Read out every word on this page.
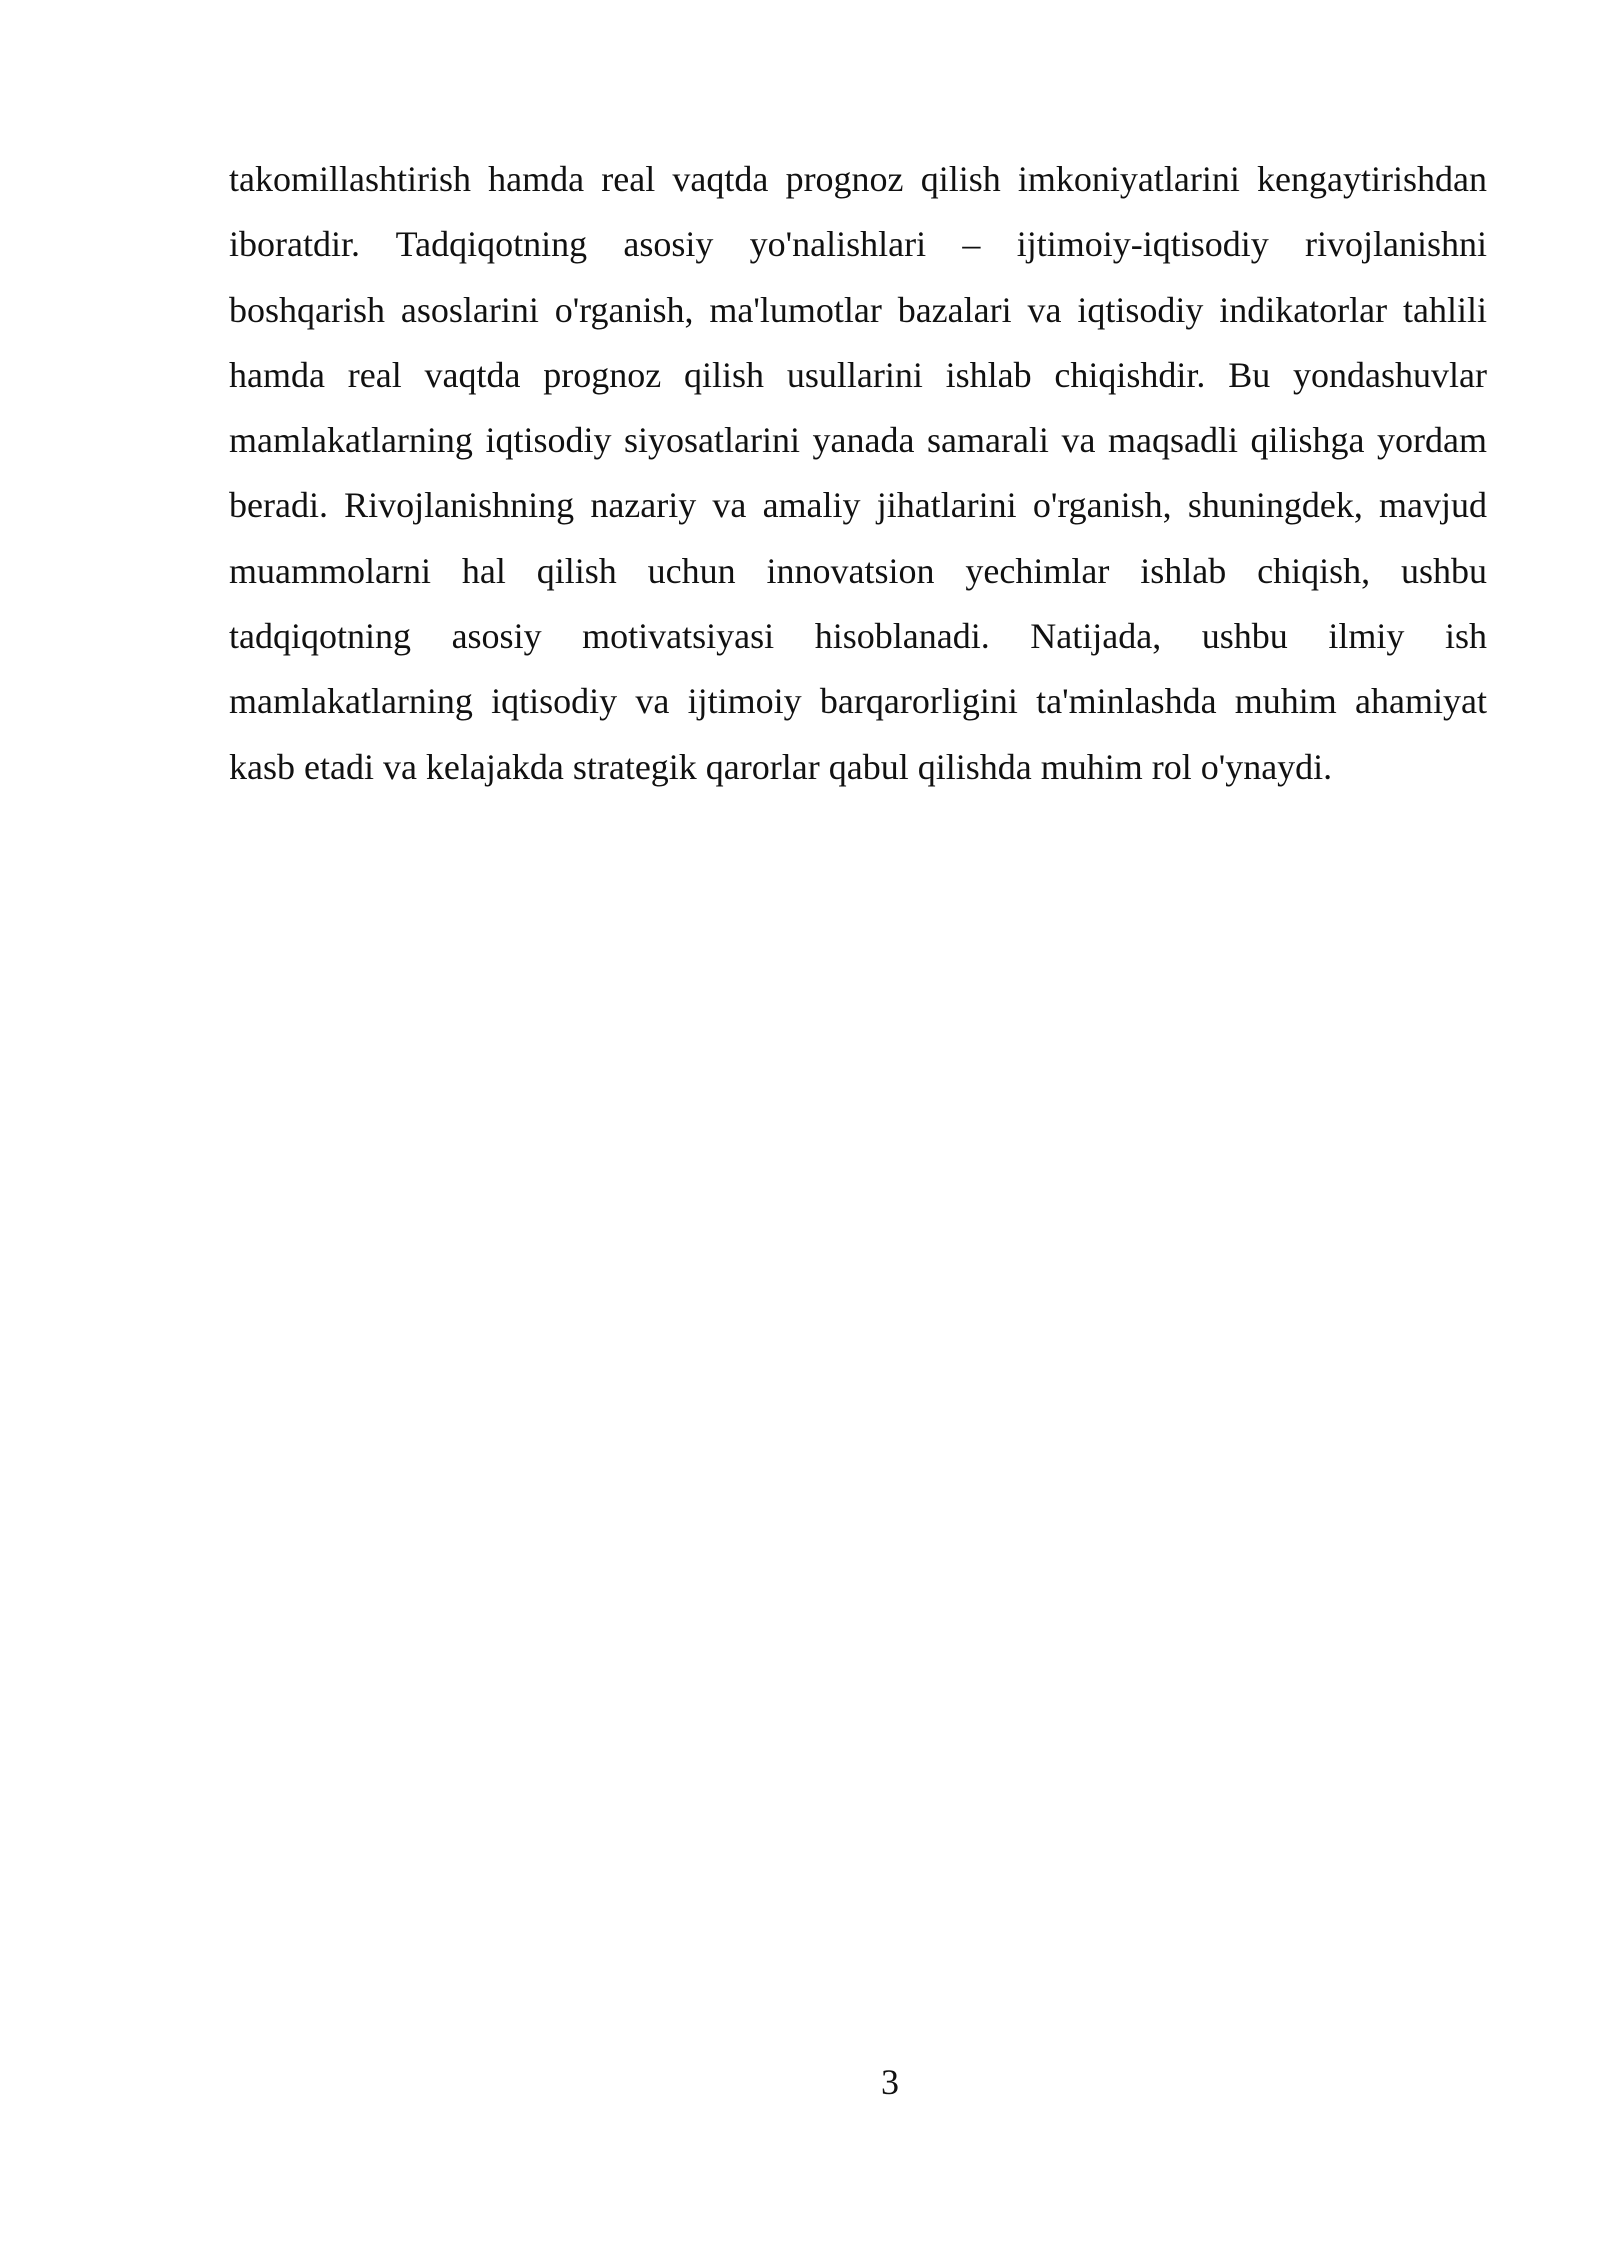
takomillashtirish hamda real vaqtda prognoz qilish imkoniyatlarini kengaytirishdan iboratdir. Tadqiqotning asosiy yo'nalishlari – ijtimoiy-iqtisodiy rivojlanishni boshqarish asoslarini o'rganish, ma'lumotlar bazalari va iqtisodiy indikatorlar tahlili hamda real vaqtda prognoz qilish usullarini ishlab chiqishdir. Bu yondashuvlar mamlakatlarning iqtisodiy siyosatlarini yanada samarali va maqsadli qilishga yordam beradi. Rivojlanishning nazariy va amaliy jihatlarini o'rganish, shuningdek, mavjud muammolarni hal qilish uchun innovatsion yechimlar ishlab chiqish, ushbu tadqiqotning asosiy motivatsiyasi hisoblanadi. Natijada, ushbu ilmiy ish mamlakatlarning iqtisodiy va ijtimoiy barqarorligini ta'minlashda muhim ahamiyat kasb etadi va kelajakda strategik qarorlar qabul qilishda muhim rol o'ynaydi.

3
